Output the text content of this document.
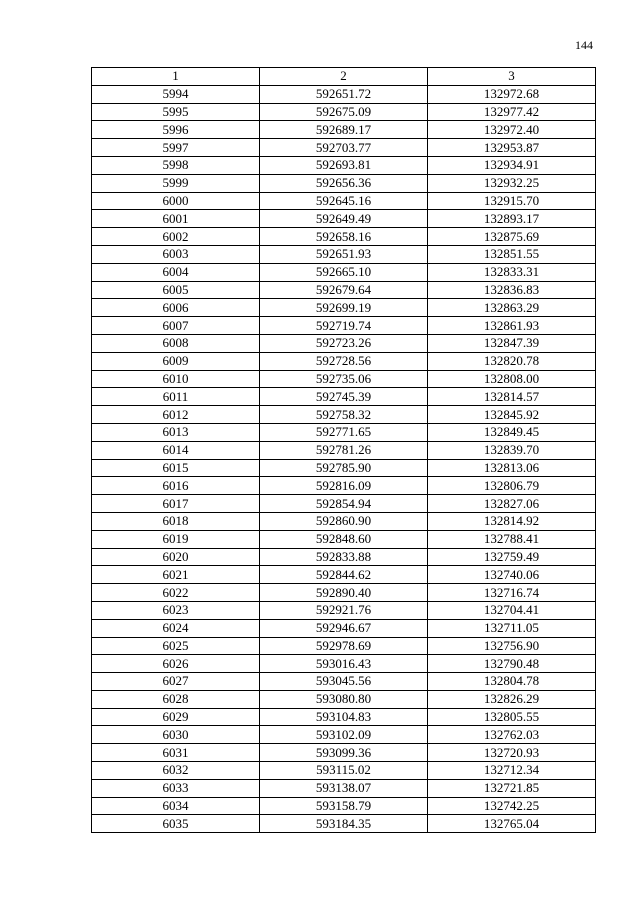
144
1	2	3
5994	592651.72	132972.68
5995	592675.09	132977.42
5996	592689.17	132972.40
5997	592703.77	132953.87
5998	592693.81	132934.91
5999	592656.36	132932.25
6000	592645.16	132915.70
6001	592649.49	132893.17
6002	592658.16	132875.69
6003	592651.93	132851.55
6004	592665.10	132833.31
6005	592679.64	132836.83
6006	592699.19	132863.29
6007	592719.74	132861.93
6008	592723.26	132847.39
6009	592728.56	132820.78
6010	592735.06	132808.00
6011	592745.39	132814.57
6012	592758.32	132845.92
6013	592771.65	132849.45
6014	592781.26	132839.70
6015	592785.90	132813.06
6016	592816.09	132806.79
6017	592854.94	132827.06
6018	592860.90	132814.92
6019	592848.60	132788.41
6020	592833.88	132759.49
6021	592844.62	132740.06
6022	592890.40	132716.74
6023	592921.76	132704.41
6024	592946.67	132711.05
6025	592978.69	132756.90
6026	593016.43	132790.48
6027	593045.56	132804.78
6028	593080.80	132826.29
6029	593104.83	132805.55
6030	593102.09	132762.03
6031	593099.36	132720.93
6032	593115.02	132712.34
6033	593138.07	132721.85
6034	593158.79	132742.25
6035	593184.35	132765.04
